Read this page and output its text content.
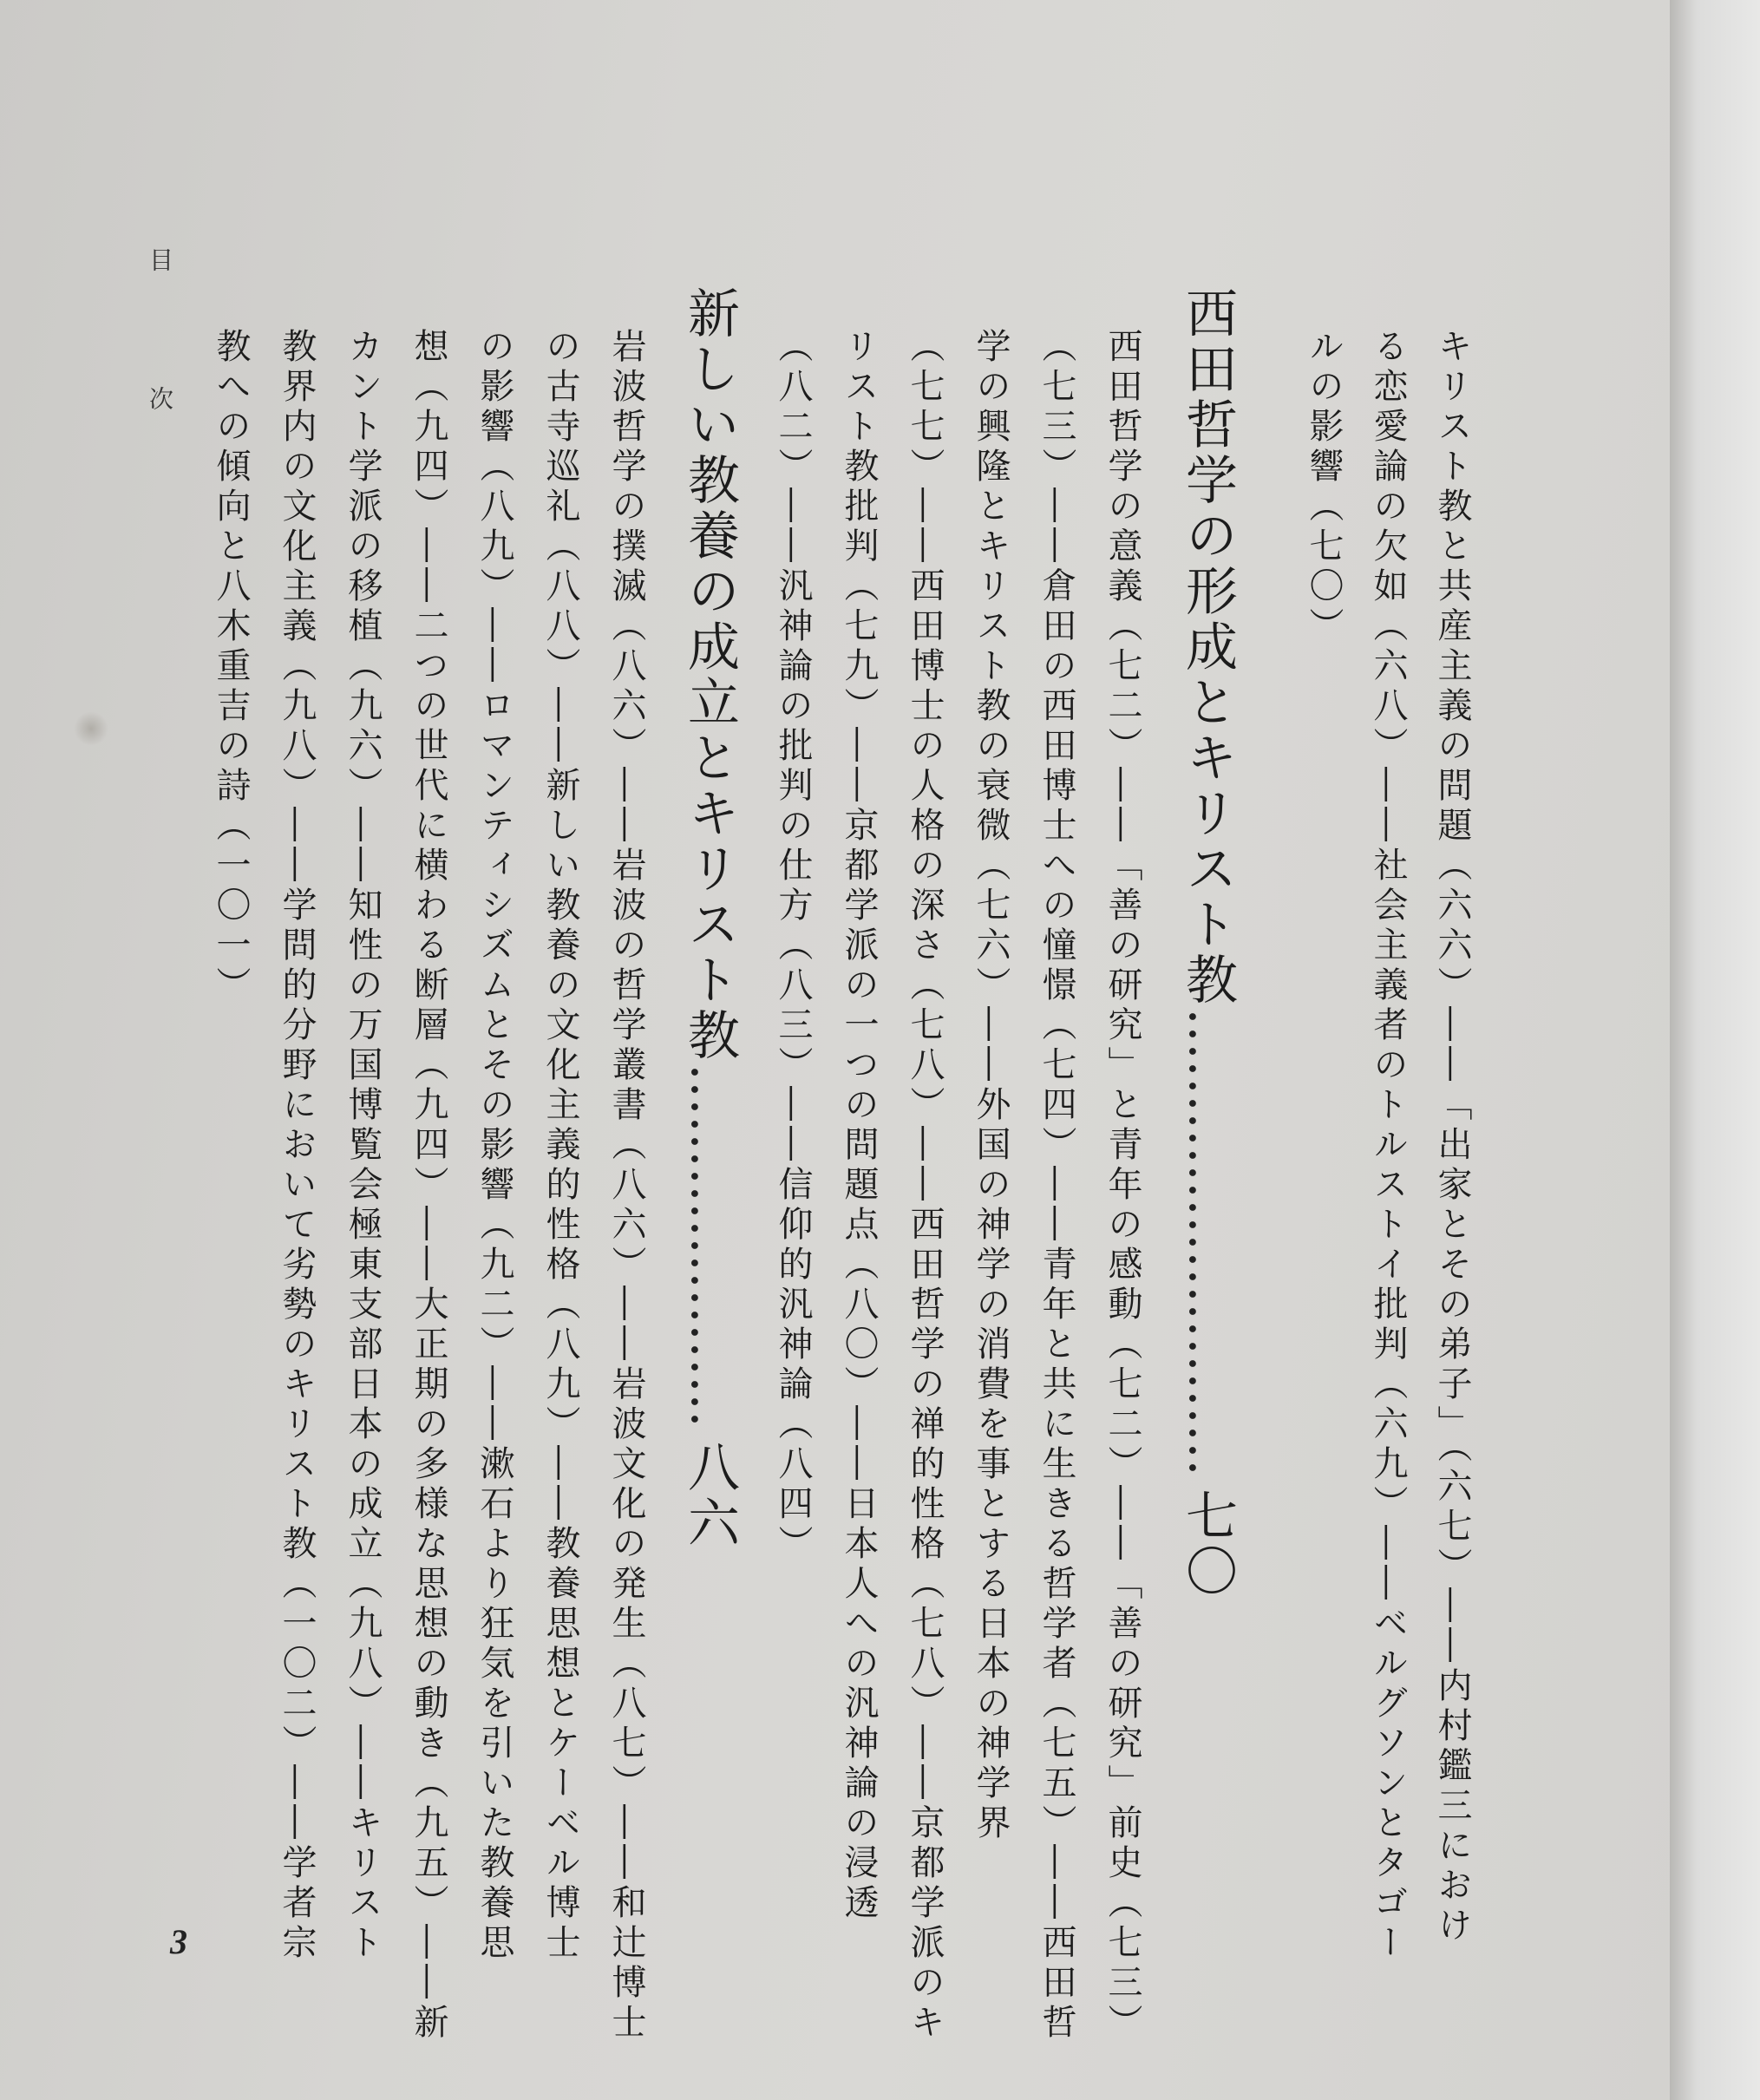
キリスト教と共産主義の問題（六六）――「出家とその弟子」（六七）――内村鑑三におけ
る恋愛論の欠如（六八）――社会主義者のトルストイ批判（六九）――ベルグソンとタゴー
ルの影響（七〇）
西田哲学の形成とキリスト教………………………七〇
西田哲学の意義（七二）――「善の研究」と青年の感動（七二）――「善の研究」前史（七三）
（七三）――倉田の西田博士への憧憬（七四）――青年と共に生きる哲学者（七五）――西田哲
学の興隆とキリスト教の衰微（七六）――外国の神学の消費を事とする日本の神学界
（七七）――西田博士の人格の深さ（七八）――西田哲学の禅的性格（七八）――京都学派のキ
リスト教批判（七九）――京都学派の一つの問題点（八〇）――日本人への汎神論の浸透
（八二）――汎神論の批判の仕方（八三）――信仰的汎神論（八四）
新しい教養の成立とキリスト教…………………八六
岩波哲学の撲滅（八六）――岩波の哲学叢書（八六）――岩波文化の発生（八七）――和辻博士
の古寺巡礼（八八）――新しい教養の文化主義的性格（八九）――教養思想とケーベル博士
の影響（八九）――ロマンティシズムとその影響（九二）――漱石より狂気を引いた教養思
想（九四）――二つの世代に横わる断層（九四）――大正期の多様な思想の動き（九五）――新
カント学派の移植（九六）――知性の万国博覧会極東支部日本の成立（九八）――キリスト
教界内の文化主義（九八）――学問的分野において劣勢のキリスト教（一〇二）――学者宗
教への傾向と八木重吉の詩（一〇一）
目
次
3
